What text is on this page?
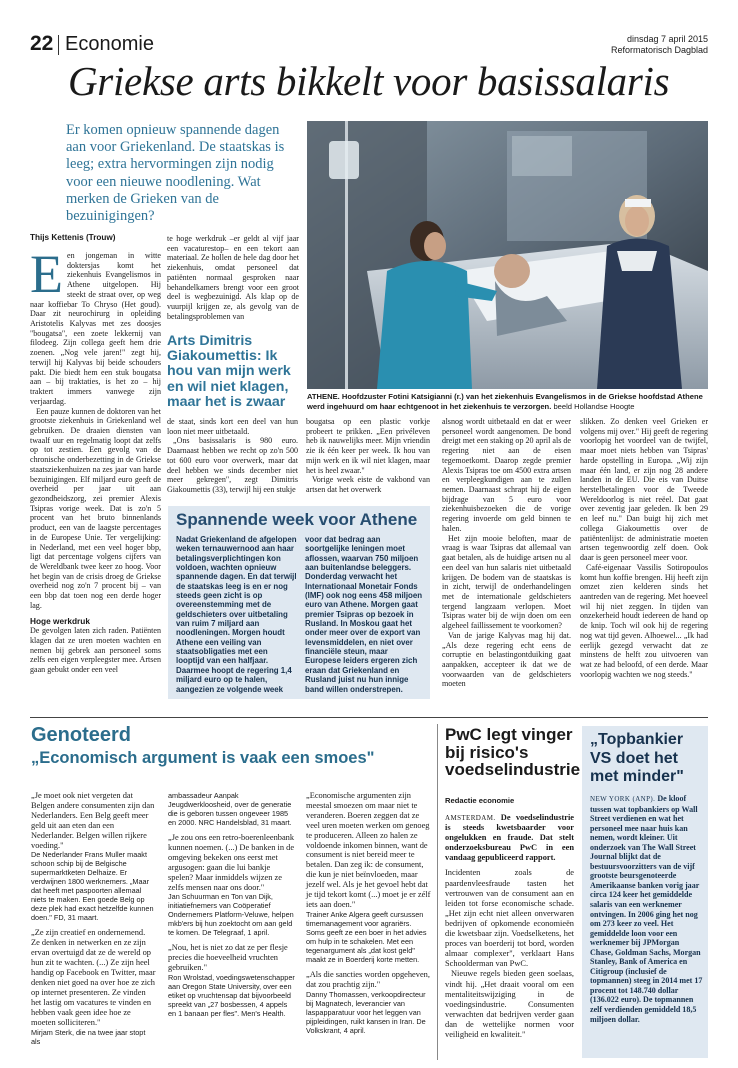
22 Economie	dinsdag 7 april 2015
Reformatorisch Dagblad
Griekse arts bikkelt voor basissalaris
Er komen opnieuw spannende dagen aan voor Griekenland. De staatskas is leeg; extra hervormingen zijn nodig voor een nieuwe noodlening. Wat merken de Grieken van de bezuinigingen?
ATHENE. Hoofdzuster Fotini Katsigianni (r.) van het ziekenhuis Evangelismos in de Griekse hoofdstad Athene werd ingehuurd om haar echtgenoot in het ziekenhuis te verzorgen. beeld Hollandse Hoogte
Thijs Kettenis (Trouw)
E en jongeman in witte doktersjas komt het ziekenhuis Evangelismos in Athene uitgelopen. Hij steekt de straat over, op weg naar koffiebar To Chryso (Het goud). Daar zit neurochirurg in opleiding Aristotelis Kalyvas met zes doosjes "bougatsa", een zoete lekkernij van filodeeg. Zijn collega geeft hem drie zoenen. „Nog vele jaren!" zegt hij, terwijl hij Kalyvas bij beide schouders pakt. Die biedt hem een stuk bougatsa aan – bij traktaties, is het zo – hij traktert immers vanwege zijn verjaardag.

Een pauze kunnen de doktoren van het grootste ziekenhuis in Griekenland wel gebruiken. De draaien diensten van twaalf uur en regelmatig loopt dat zelfs op tot zestien. Een gevolg van de chronische onderbezetting in de Griekse staatsziekenhuizen na zes jaar van harde bezuinigingen. Elf miljard euro geeft de overheid per jaar uit aan gezondheidszorg, zei premier Alexis Tsipras vorige week. Dat is zo'n 5 procent van het bruto binnenlands product, een van de laagste percentages in de Europese Unie. Ter vergelijking: in Nederland, met een veel hoger bbp, ligt dat percentage volgens cijfers van de Wereldbank twee keer zo hoog. Voor het begin van de crisis droeg de Griekse overheid nog zo'n 7 procent bij – van een bbp dat toen nog een derde hoger lag.

Hoge werkdruk

De gevolgen laten zich raden. Patiënten klagen dat ze uren moeten wachten en nemen bij gebrek aan personeel soms zelfs een eigen verpleegster mee. Artsen gaan gebukt onder een veel

te hoge werkdruk –er geldt al vijf jaar een vacaturestop– en een tekort aan materiaal. Ze hollen de hele dag door het ziekenhuis, omdat personeel dat patiënten normaal gesproken naar behandelkamers brengt voor een groot deel is wegbezuinigd. Als klap op de vuurpijl krijgen ze, als gevolg van de betalingsproblemen van

Arts Dimitris Giakoumettis: Ik hou van mijn werk en wil niet klagen, maar het is zwaar

de staat, sinds kort een deel van hun loon niet meer uitbetaald.

„Ons basissalaris is 980 euro. Daarnaast hebben we recht op zo'n 500 tot 600 euro voor overwerk, maar dat deel hebben we sinds december niet meer gekregen", zegt Dimitris Giakoumettis (33), terwijl hij een stukje

bougatsa op een plastic vorkje probeert te prikken. „Een privéleven heb ik nauwelijks meer. Mijn vriendin zie ik één keer per week. Ik hou van mijn werk en ik wil niet klagen, maar het is heel zwaar."

Vorige week eiste de vakbond van artsen dat het overwerk

alsnog wordt uitbetaald en dat er weer personeel wordt aangenomen. De bond dreigt met een staking op 20 april als de regering niet aan de eisen tegemoetkomt. Daarop zegde premier Alexis Tsipras toe om 4500 extra artsen en verpleegkundigen aan te zullen nemen. Daarnaast schrapt hij de eigen bijdrage van 5 euro voor ziekenhuisbezoeken die de vorige regering invoerde om geld binnen te halen.

Het zijn mooie beloften, maar de vraag is waar Tsipras dat allemaal van gaat betalen, als de huidige artsen nu al een deel van hun salaris niet uitbetaald krijgen. De bodem van de staatskas is in zicht, terwijl de onderhandelingen met de internationale geldschieters tergend langzaam verlopen. Moet Tsipras water bij de wijn doen om een algeheel faillissement te voorkomen?

Van de jarige Kalyvas mag hij dat. „Als deze regering echt eens de corruptie en belastingontduiking gaat aanpakken, accepteer ik dat we de voorwaarden van de geldschieters moeten

slikken. Zo denken veel Grieken er volgens mij over." Hij geeft de regering voorlopig het voordeel van de twijfel, maar moet niets hebben van Tsipras' harde opstelling in Europa. „Wij zijn maar één land, er zijn nog 28 andere landen in de EU. Die eis van Duitse herstelbetalingen voor de Tweede Wereldoorlog is niet reëel. Dat gaat over zeventig jaar geleden. Ik ben 29 en leef nu." Dan buigt hij zich met collega Giakoumettis over de patiëntenlijst: de administratie moeten artsen tegenwoordig zelf doen. Ook daar is geen personeel meer voor.

Café-eigenaar Vassilis Sotiropoulos komt hun koffie brengen. Hij heeft zijn omzet zien kelderen sinds het aantreden van de regering. Met hoeveel wil hij niet zeggen. In tijden van onzekerheid houdt iedereen de hand op de knip. Toch wil ook hij de regering nog wat tijd geven. Alhoewel... „Ik had eerlijk gezegd verwacht dat ze minstens de helft zou uitvoeren van wat ze had beloofd, of een derde. Maar voorlopig wachten we nog steeds."

Spannende week voor Athene
Nadat Griekenland de afgelopen weken ternauwernood aan haar betalingsverplichtingen kon voldoen, wachten opnieuw spannende dagen. En dat terwijl de staatskas leeg is en er nog steeds geen zicht is op overeenstemming met de geldschieters over uitbetaling van ruim 7 miljard aan noodleningen. Morgen houdt Athene een veiling van staatsobligaties met een looptijd van een halfjaar. Daarmee hoopt de regering 1,4 miljard euro op te halen, aangezien ze volgende week
voor dat bedrag aan soortgelijke leningen moet aflossen, waarvan 750 miljoen aan buitenlandse beleggers. Donderdag verwacht het Internationaal Monetair Fonds (IMF) ook nog eens 458 miljoen euro van Athene. Morgen gaat premier Tsipras op bezoek in Rusland. In Moskou gaat het onder meer over de export van levensmiddelen, en niet over financiële steun, maar Europese leiders ergeren zich eraan dat Griekenland en Rusland juist nu hun innige band willen onderstrepen.
Genoteerd
„Economisch argument is vaak een smoes"

„Je moet ook niet vergeten dat Belgen andere consumenten zijn dan Nederlanders. Een Belg geeft meer geld uit aan eten dan een Nederlander. Belgen willen rijkere voeding."

De Nederlander Frans Muller maakt schoon schip bij de Belgische supermarktketen Delhaize. Er verdwijnen 1800 werknemers. „Maar dat heeft met paspoorten allemaal niets te maken. Een goede Belg op deze plek had exact hetzelfde kunnen doen." FD, 31 maart.

„Ze zijn creatief en ondernemend. Ze denken in netwerken en ze zijn ervan overtuigd dat ze de wereld op hun zit te wachten. (...) Ze zijn heel handig op Facebook en Twitter, maar denken niet goed na over hoe ze zich op internet presenteren. Ze vinden het lastig om vacatures te vinden en hebben vaak geen idee hoe ze moeten solliciteren."

Mirjam Sterk, die na twee jaar stopt als

ambassadeur Aanpak Jeugdwerkloosheid, over de generatie die is geboren tussen ongeveer 1985 en 2000. NRC Handelsblad, 31 maart.

„Je zou ons een retro-boerenleenbank kunnen noemen. (...) De banken in de omgeving bekeken ons eerst met argusogen: gaan die lui bankje spelen? Maar inmiddels wijzen ze zelfs mensen naar ons door."

Jan Schuurman en Ton van Dijk, initiatiefnemers van Coöperatief Ondernemers Platform-Veluwe, helpen mkb'ers bij hun zoektocht om aan geld te komen. De Telegraaf, 1 april.

„Nou, het is niet zo dat ze per flesje precies die hoeveelheid vruchten gebruiken."

Ron Wrolstad, voedingswetenschapper aan Oregon State University, over een etiket op vruchtensap dat bijvoorbeeld spreekt van „27 bosbessen, 4 appels en 1 banaan per fles". Men's Health.

„Economische argumenten zijn meestal smoezen om maar niet te veranderen. Boeren zeggen dat ze veel uren moeten werken om genoeg te produceren. Alleen zo halen ze voldoende inkomen binnen, want de consument is niet bereid meer te betalen. Dan zeg ik: de consument, die kun je niet beïnvloeden, maar jezelf wel. Als je het gevoel hebt dat je tijd tekort komt (...) moet je er zélf iets aan doen."

Trainer Anke Algera geeft cursussen timemanagement voor agrariërs. Soms geeft ze een boer in het advies om hulp in te schakelen. Met een tegenargument als „dat kost geld" maakt ze in Boerderij korte metten.

„Als die sancties worden opgeheven, dat zou prachtig zijn."

Danny Thomassen, verkoopdirecteur bij Magnatech, leverancier van laspapparatuur voor het leggen van pijpleidingen, ruikt kansen in Iran. De Volkskrant, 4 april.

PwC legt vinger bij risico's voedselindustrie
Redactie economie

AMSTERDAM. De voedselindustrie is steeds kwetsbaarder voor ongelukken en fraude. Dat stelt onderzoeksbureau PwC in een vandaag gepubliceerd rapport.

Incidenten zoals de paardenvleesfraude tasten het vertrouwen van de consument aan en leiden tot forse economische schade. „Het zijn echt niet alleen onverwaren bedrijven of opkomende economieën die kwetsbaar zijn. Voedselketens, het proces van boerderij tot bord, worden almaar complexer", verklaart Hans Schoolderman van PwC.

Nieuwe regels bieden geen soelaas, vindt hij. „Het draait vooral om een mentaliteitswijziging in de voedingsindustrie. Consumenten verwachten dat bedrijven verder gaan dan de wettelijke normen voor veiligheid en kwaliteit."

„Topbankier VS doet het met minder"
NEW YORK (ANP). De kloof tussen wat topbankiers op Wall Street verdienen en wat het personeel mee naar huis kan nemen, wordt kleiner. Uit onderzoek van The Wall Street Journal blijkt dat de bestuursvoorzitters van de vijf grootste beursgenoteerde Amerikaanse banken vorig jaar circa 124 keer het gemiddelde salaris van een werknemer ontvingen. In 2006 ging het nog om 273 keer zo veel. Het gemiddelde loon voor een werknemer bij JPMorgan Chase, Goldman Sachs, Morgan Stanley, Bank of America en Citigroup (inclusief de topmannen) steeg in 2014 met 17 procent tot 148.740 dollar (136.022 euro). De topmannen zelf verdienden gemiddeld 18,5 miljoen dollar.
